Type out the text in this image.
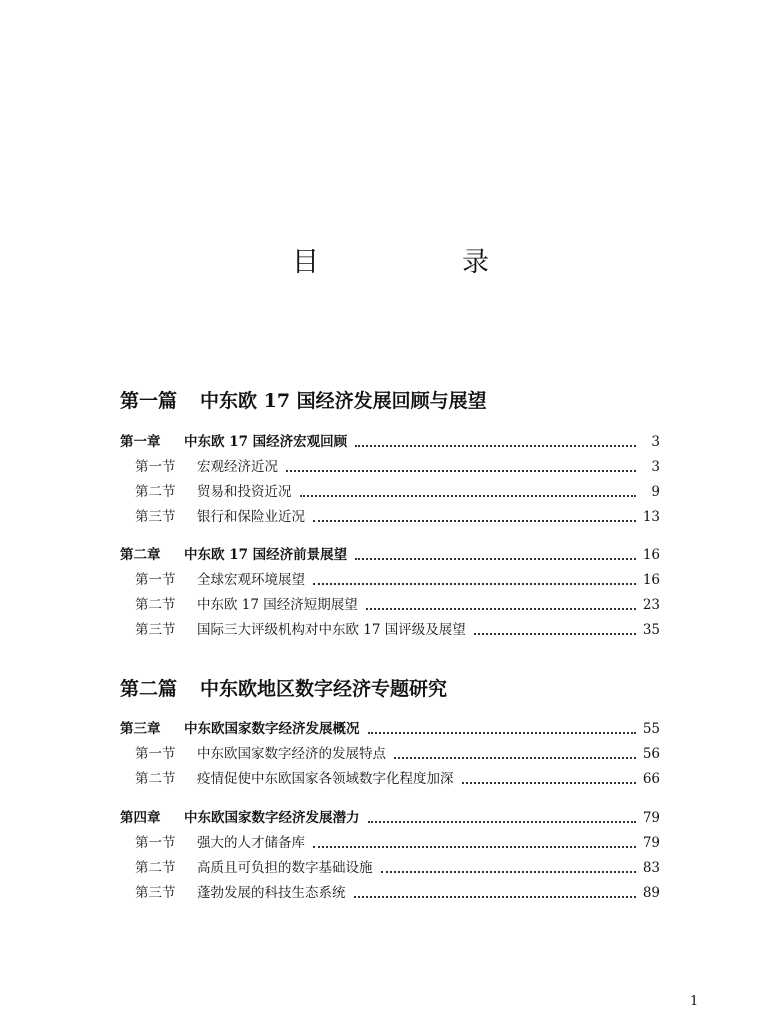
目　录
第一篇 中东欧 17 国经济发展回顾与展望
第一章	中东欧 17 国经济宏观回顾	3
第一节	宏观经济近况	3
第二节	贸易和投资近况	9
第三节	银行和保险业近况	13
第二章	中东欧 17 国经济前景展望	16
第一节	全球宏观环境展望	16
第二节	中东欧 17 国经济短期展望	23
第三节	国际三大评级机构对中东欧 17 国评级及展望	35
第二篇 中东欧地区数字经济专题研究
第三章	中东欧国家数字经济发展概况	55
第一节	中东欧国家数字经济的发展特点	56
第二节	疫情促使中东欧国家各领域数字化程度加深	66
第四章	中东欧国家数字经济发展潜力	79
第一节	强大的人才储备库	79
第二节	高质且可负担的数字基础设施	83
第三节	蓬勃发展的科技生态系统	89
1
